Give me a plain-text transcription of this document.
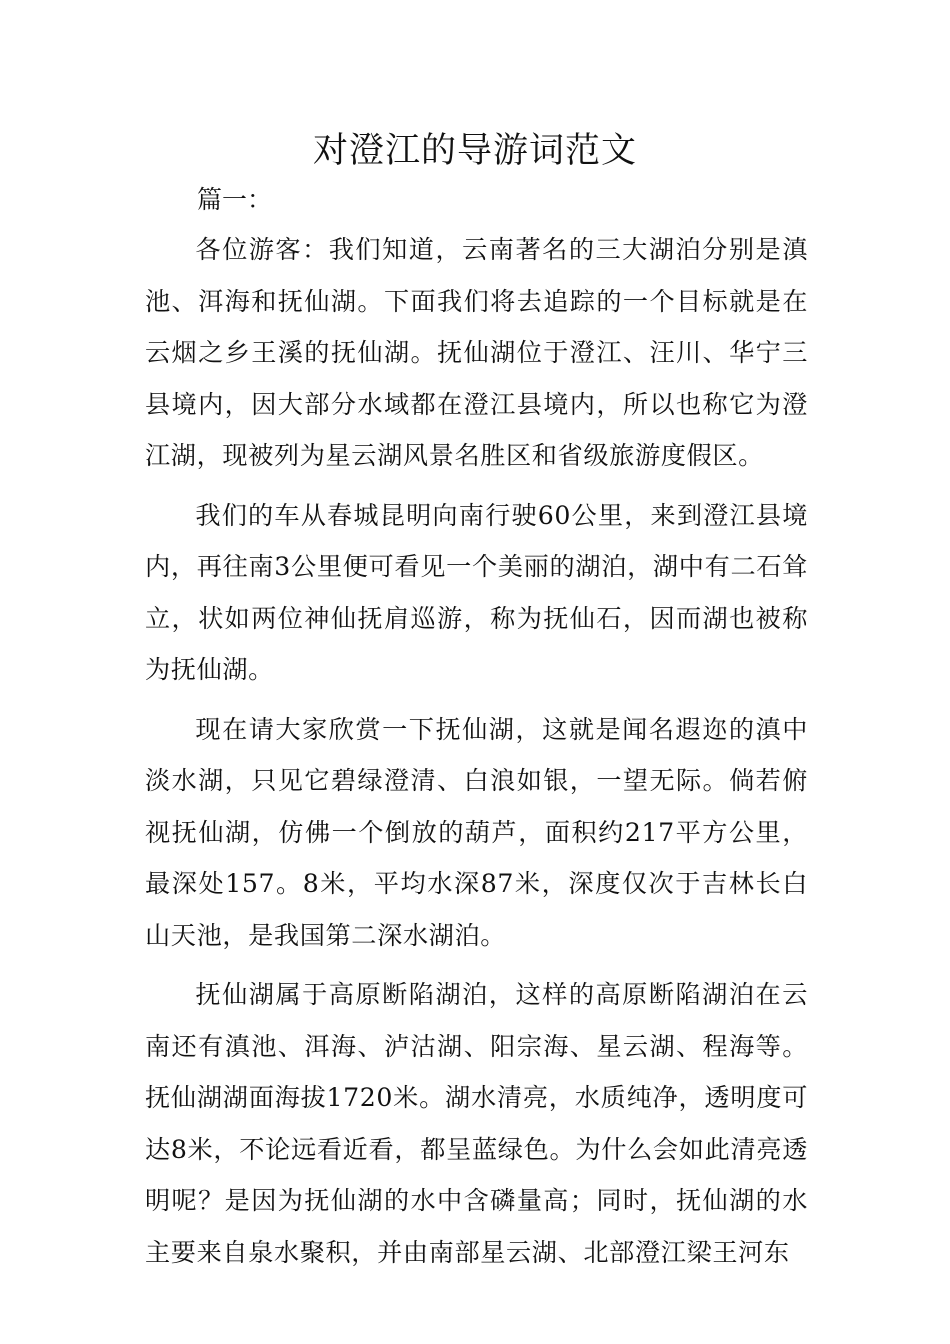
对澄江的导游词范文
篇一：

各位游客：我们知道，云南著名的三大湖泊分别是滇池、洱海和抚仙湖。下面我们将去追踪的一个目标就是在云烟之乡王溪的抚仙湖。抚仙湖位于澄江、汪川、华宁三县境内，因大部分水域都在澄江县境内，所以也称它为澄江湖，现被列为星云湖风景名胜区和省级旅游度假区。

我们的车从春城昆明向南行驶60公里，来到澄江县境内，再往南3公里便可看见一个美丽的湖泊，湖中有二石耸立，状如两位神仙抚肩巡游，称为抚仙石，因而湖也被称为抚仙湖。

现在请大家欣赏一下抚仙湖，这就是闻名遐迩的滇中淡水湖，只见它碧绿澄清、白浪如银，一望无际。倘若俯视抚仙湖，仿佛一个倒放的葫芦，面积约217平方公里，最深处157。8米，平均水深87米，深度仅次于吉林长白山天池，是我国第二深水湖泊。

抚仙湖属于高原断陷湖泊，这样的高原断陷湖泊在云南还有滇池、洱海、泸沽湖、阳宗海、星云湖、程海等。抚仙湖湖面海拔1720米。湖水清亮，水质纯净，透明度可达8米，不论远看近看，都呈蓝绿色。为什么会如此清亮透明呢？是因为抚仙湖的水中含磷量高；同时，抚仙湖的水主要来自泉水聚积，并由南部星云湖、北部澄江梁王河东
